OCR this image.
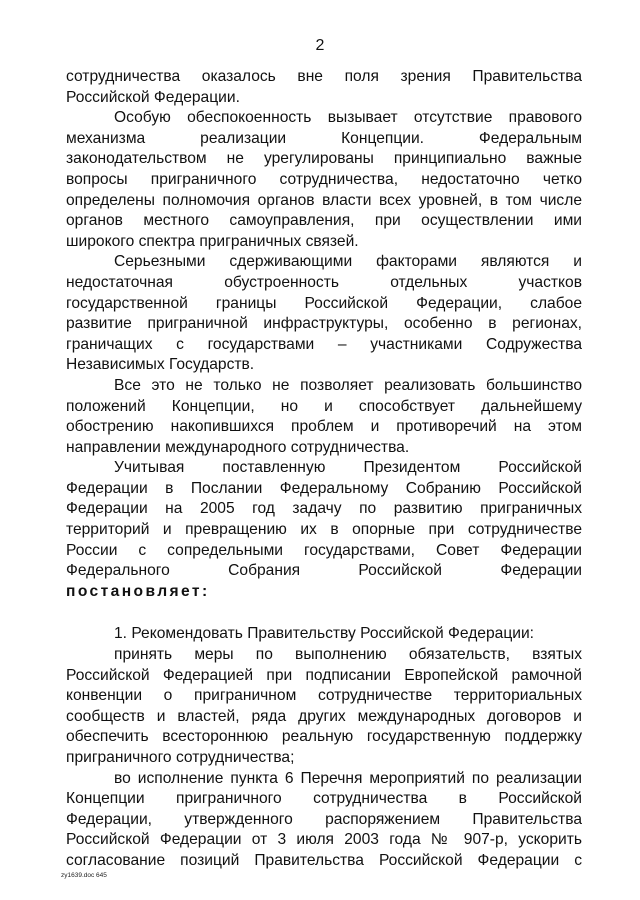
2
сотрудничества оказалось вне поля зрения Правительства
Российской Федерации.
Особую обеспокоенность вызывает отсутствие правового
механизма реализации Концепции. Федеральным
законодательством не урегулированы принципиально важные
вопросы приграничного сотрудничества, недостаточно четко
определены полномочия органов власти всех уровней, в том числе
органов местного самоуправления, при осуществлении ими
широкого спектра приграничных связей.
Серьезными сдерживающими факторами являются и
недостаточная обустроенность отдельных участков
государственной границы Российской Федерации, слабое
развитие приграничной инфраструктуры, особенно в регионах,
граничащих с государствами – участниками Содружества
Независимых Государств.
Все это не только не позволяет реализовать большинство
положений Концепции, но и способствует дальнейшему
обострению накопившихся проблем и противоречий на этом
направлении международного сотрудничества.
Учитывая поставленную Президентом Российской
Федерации в Послании Федеральному Собранию Российской
Федерации на 2005 год задачу по развитию приграничных
территорий и превращению их в опорные при сотрудничестве
России с сопредельными государствами, Совет Федерации
Федерального Собрания Российской Федерации
постановляет:
1. Рекомендовать Правительству Российской Федерации:
принять меры по выполнению обязательств, взятых
Российской Федерацией при подписании Европейской рамочной
конвенции о приграничном сотрудничестве территориальных
сообществ и властей, ряда других международных договоров и
обеспечить всестороннюю реальную государственную поддержку
приграничного сотрудничества;
во исполнение пункта 6 Перечня мероприятий по реализации
Концепции приграничного сотрудничества в Российской
Федерации, утвержденного распоряжением Правительства
Российской Федерации от 3 июля 2003 года № 907-р, ускорить
согласование позиций Правительства Российской Федерации с
zy1639.doc 645
